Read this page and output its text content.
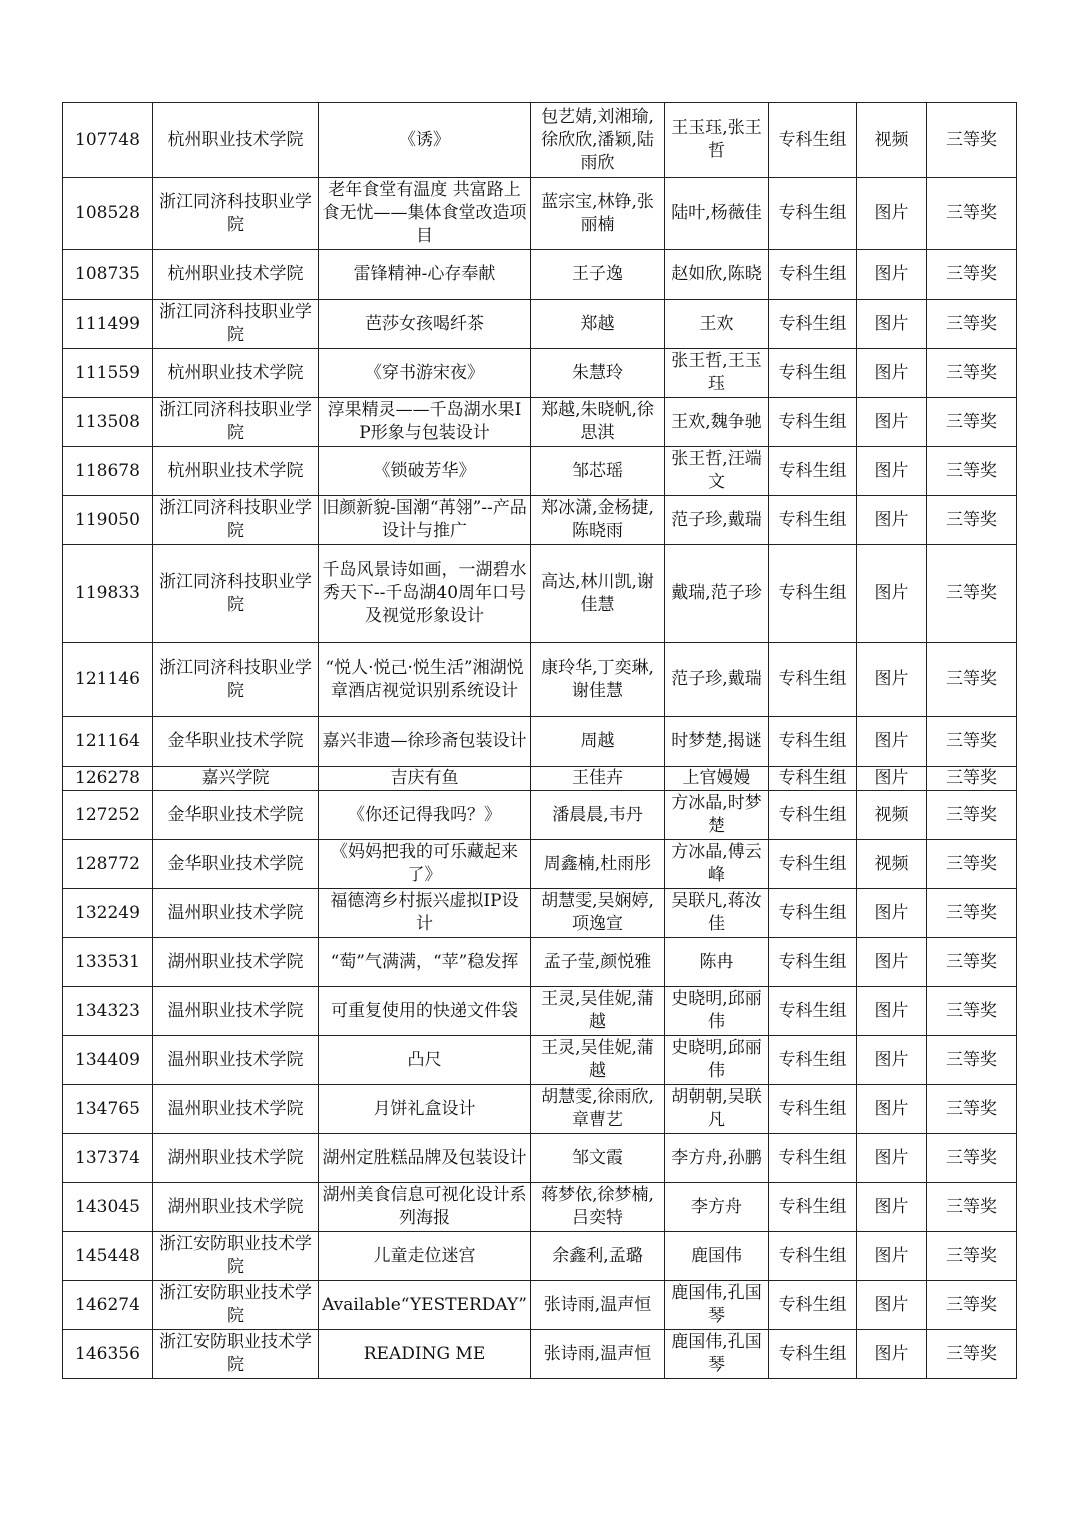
107748	杭州职业技术学院	《诱》	包艺婧,刘湘瑜,徐欣欣,潘颖,陆雨欣	王玉珏,张王哲	专科生组	视频	三等奖
108528	浙江同济科技职业学院	老年食堂有温度 共富路上食无忧——集体食堂改造项目	蓝宗宝,林铮,张丽楠	陆叶,杨薇佳	专科生组	图片	三等奖
108735	杭州职业技术学院	雷锋精神-心存奉献	王子逸	赵如欣,陈晓	专科生组	图片	三等奖
111499	浙江同济科技职业学院	芭莎女孩喝纤茶	郑越	王欢	专科生组	图片	三等奖
111559	杭州职业技术学院	《穿书游宋夜》	朱慧玲	张王哲,王玉珏	专科生组	图片	三等奖
113508	浙江同济科技职业学院	淳果精灵——千岛湖水果IP形象与包装设计	郑越,朱晓帆,徐思淇	王欢,魏争驰	专科生组	图片	三等奖
118678	杭州职业技术学院	《锁破芳华》	邹芯瑶	张王哲,汪端文	专科生组	图片	三等奖
119050	浙江同济科技职业学院	旧颜新貌-国潮“苒翎”--产品设计与推广	郑冰潇,金杨捷,陈晓雨	范子珍,戴瑞	专科生组	图片	三等奖
119833	浙江同济科技职业学院	千岛风景诗如画，一湖碧水秀天下--千岛湖40周年口号及视觉形象设计	高达,林川凯,谢佳慧	戴瑞,范子珍	专科生组	图片	三等奖
121146	浙江同济科技职业学院	“悦人·悦己·悦生活”湘湖悦章酒店视觉识别系统设计	康玲华,丁奕琳,谢佳慧	范子珍,戴瑞	专科生组	图片	三等奖
121164	金华职业技术学院	嘉兴非遗—徐珍斋包装设计	周越	时梦楚,揭谜	专科生组	图片	三等奖
126278	嘉兴学院	吉庆有鱼	王佳卉	上官嫚嫚	专科生组	图片	三等奖
127252	金华职业技术学院	《你还记得我吗？》	潘晨晨,韦丹	方冰晶,时梦楚	专科生组	视频	三等奖
128772	金华职业技术学院	《妈妈把我的可乐藏起来了》	周鑫楠,杜雨彤	方冰晶,傅云峰	专科生组	视频	三等奖
132249	温州职业技术学院	福德湾乡村振兴虚拟IP设计	胡慧雯,吴娴婷,项逸宣	吴联凡,蒋汝佳	专科生组	图片	三等奖
133531	湖州职业技术学院	“萄”气满满，“苹”稳发挥	孟子莹,颜悦雅	陈冉	专科生组	图片	三等奖
134323	温州职业技术学院	可重复使用的快递文件袋	王灵,吴佳妮,蒲越	史晓明,邱丽伟	专科生组	图片	三等奖
134409	温州职业技术学院	凸尺	王灵,吴佳妮,蒲越	史晓明,邱丽伟	专科生组	图片	三等奖
134765	温州职业技术学院	月饼礼盒设计	胡慧雯,徐雨欣,章曹艺	胡朝朝,吴联凡	专科生组	图片	三等奖
137374	湖州职业技术学院	湖州定胜糕品牌及包装设计	邹文霞	李方舟,孙鹏	专科生组	图片	三等奖
143045	湖州职业技术学院	湖州美食信息可视化设计系列海报	蒋梦依,徐梦楠,吕奕特	李方舟	专科生组	图片	三等奖
145448	浙江安防职业技术学院	儿童走位迷宫	余鑫利,孟璐	鹿国伟	专科生组	图片	三等奖
146274	浙江安防职业技术学院	Available“YESTERDAY”	张诗雨,温声恒	鹿国伟,孔国琴	专科生组	图片	三等奖
146356	浙江安防职业技术学院	READING ME	张诗雨,温声恒	鹿国伟,孔国琴	专科生组	图片	三等奖
